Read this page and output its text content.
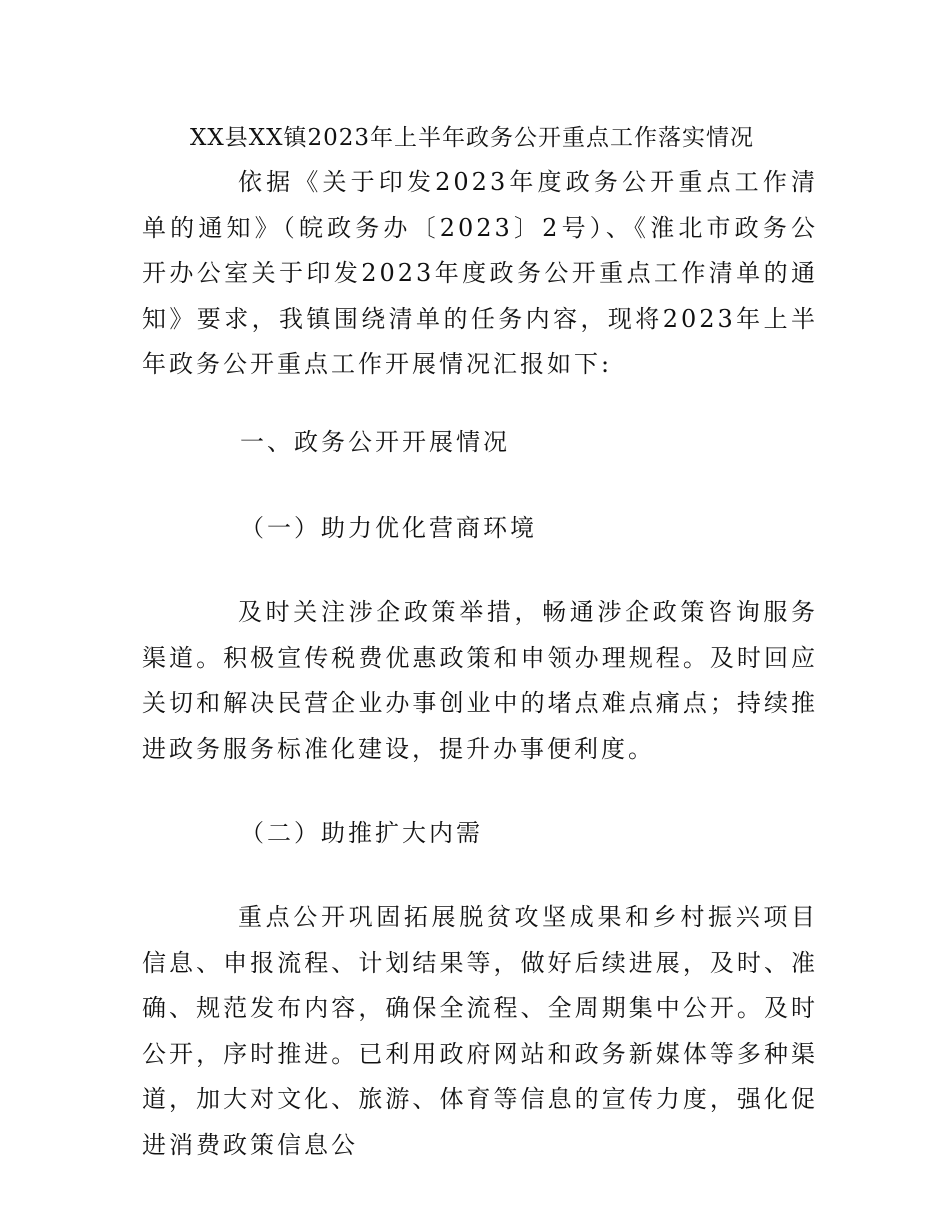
XX县XX镇2023年上半年政务公开重点工作落实情况

依据《关于印发2023年度政务公开重点工作清单的通知》（皖政务办〔2023〕2号）、《淮北市政务公开办公室关于印发2023年度政务公开重点工作清单的通知》要求，我镇围绕清单的任务内容，现将2023年上半年政务公开重点工作开展情况汇报如下:

一、政务公开开展情况

（一）助力优化营商环境

及时关注涉企政策举措，畅通涉企政策咨询服务渠道。积极宣传税费优惠政策和申领办理规程。及时回应关切和解决民营企业办事创业中的堵点难点痛点；持续推进政务服务标准化建设，提升办事便利度。

（二）助推扩大内需

重点公开巩固拓展脱贫攻坚成果和乡村振兴项目信息、申报流程、计划结果等，做好后续进展，及时、准确、规范发布内容，确保全流程、全周期集中公开。及时公开，序时推进。已利用政府网站和政务新媒体等多种渠道，加大对文化、旅游、体育等信息的宣传力度，强化促进消费政策信息公
